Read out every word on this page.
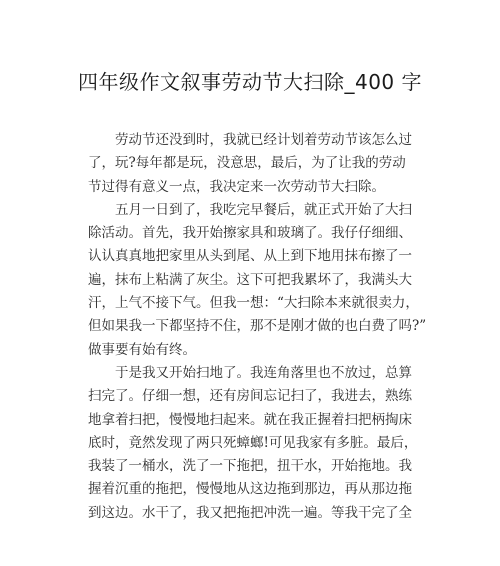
四年级作文叙事劳动节大扫除_400 字
劳动节还没到时，我就已经计划着劳动节该怎么过
了，玩?每年都是玩，没意思，最后，为了让我的劳动
节过得有意义一点，我决定来一次劳动节大扫除。
五月一日到了，我吃完早餐后，就正式开始了大扫
除活动。首先，我开始擦家具和玻璃了。我仔仔细细、
认认真真地把家里从头到尾、从上到下地用抹布擦了一
遍，抹布上粘满了灰尘。这下可把我累坏了，我满头大
汗，上气不接下气。但我一想：“大扫除本来就很卖力，
但如果我一下都坚持不住，那不是刚才做的也白费了吗?”
做事要有始有终。
于是我又开始扫地了。我连角落里也不放过，总算
扫完了。仔细一想，还有房间忘记扫了，我进去，熟练
地拿着扫把，慢慢地扫起来。就在我正握着扫把柄掏床
底时，竟然发现了两只死蟑螂!可见我家有多脏。最后，
我装了一桶水，洗了一下拖把，扭干水，开始拖地。我
握着沉重的拖把，慢慢地从这边拖到那边，再从那边拖
到这边。水干了，我又把拖把冲洗一遍。等我干完了全
